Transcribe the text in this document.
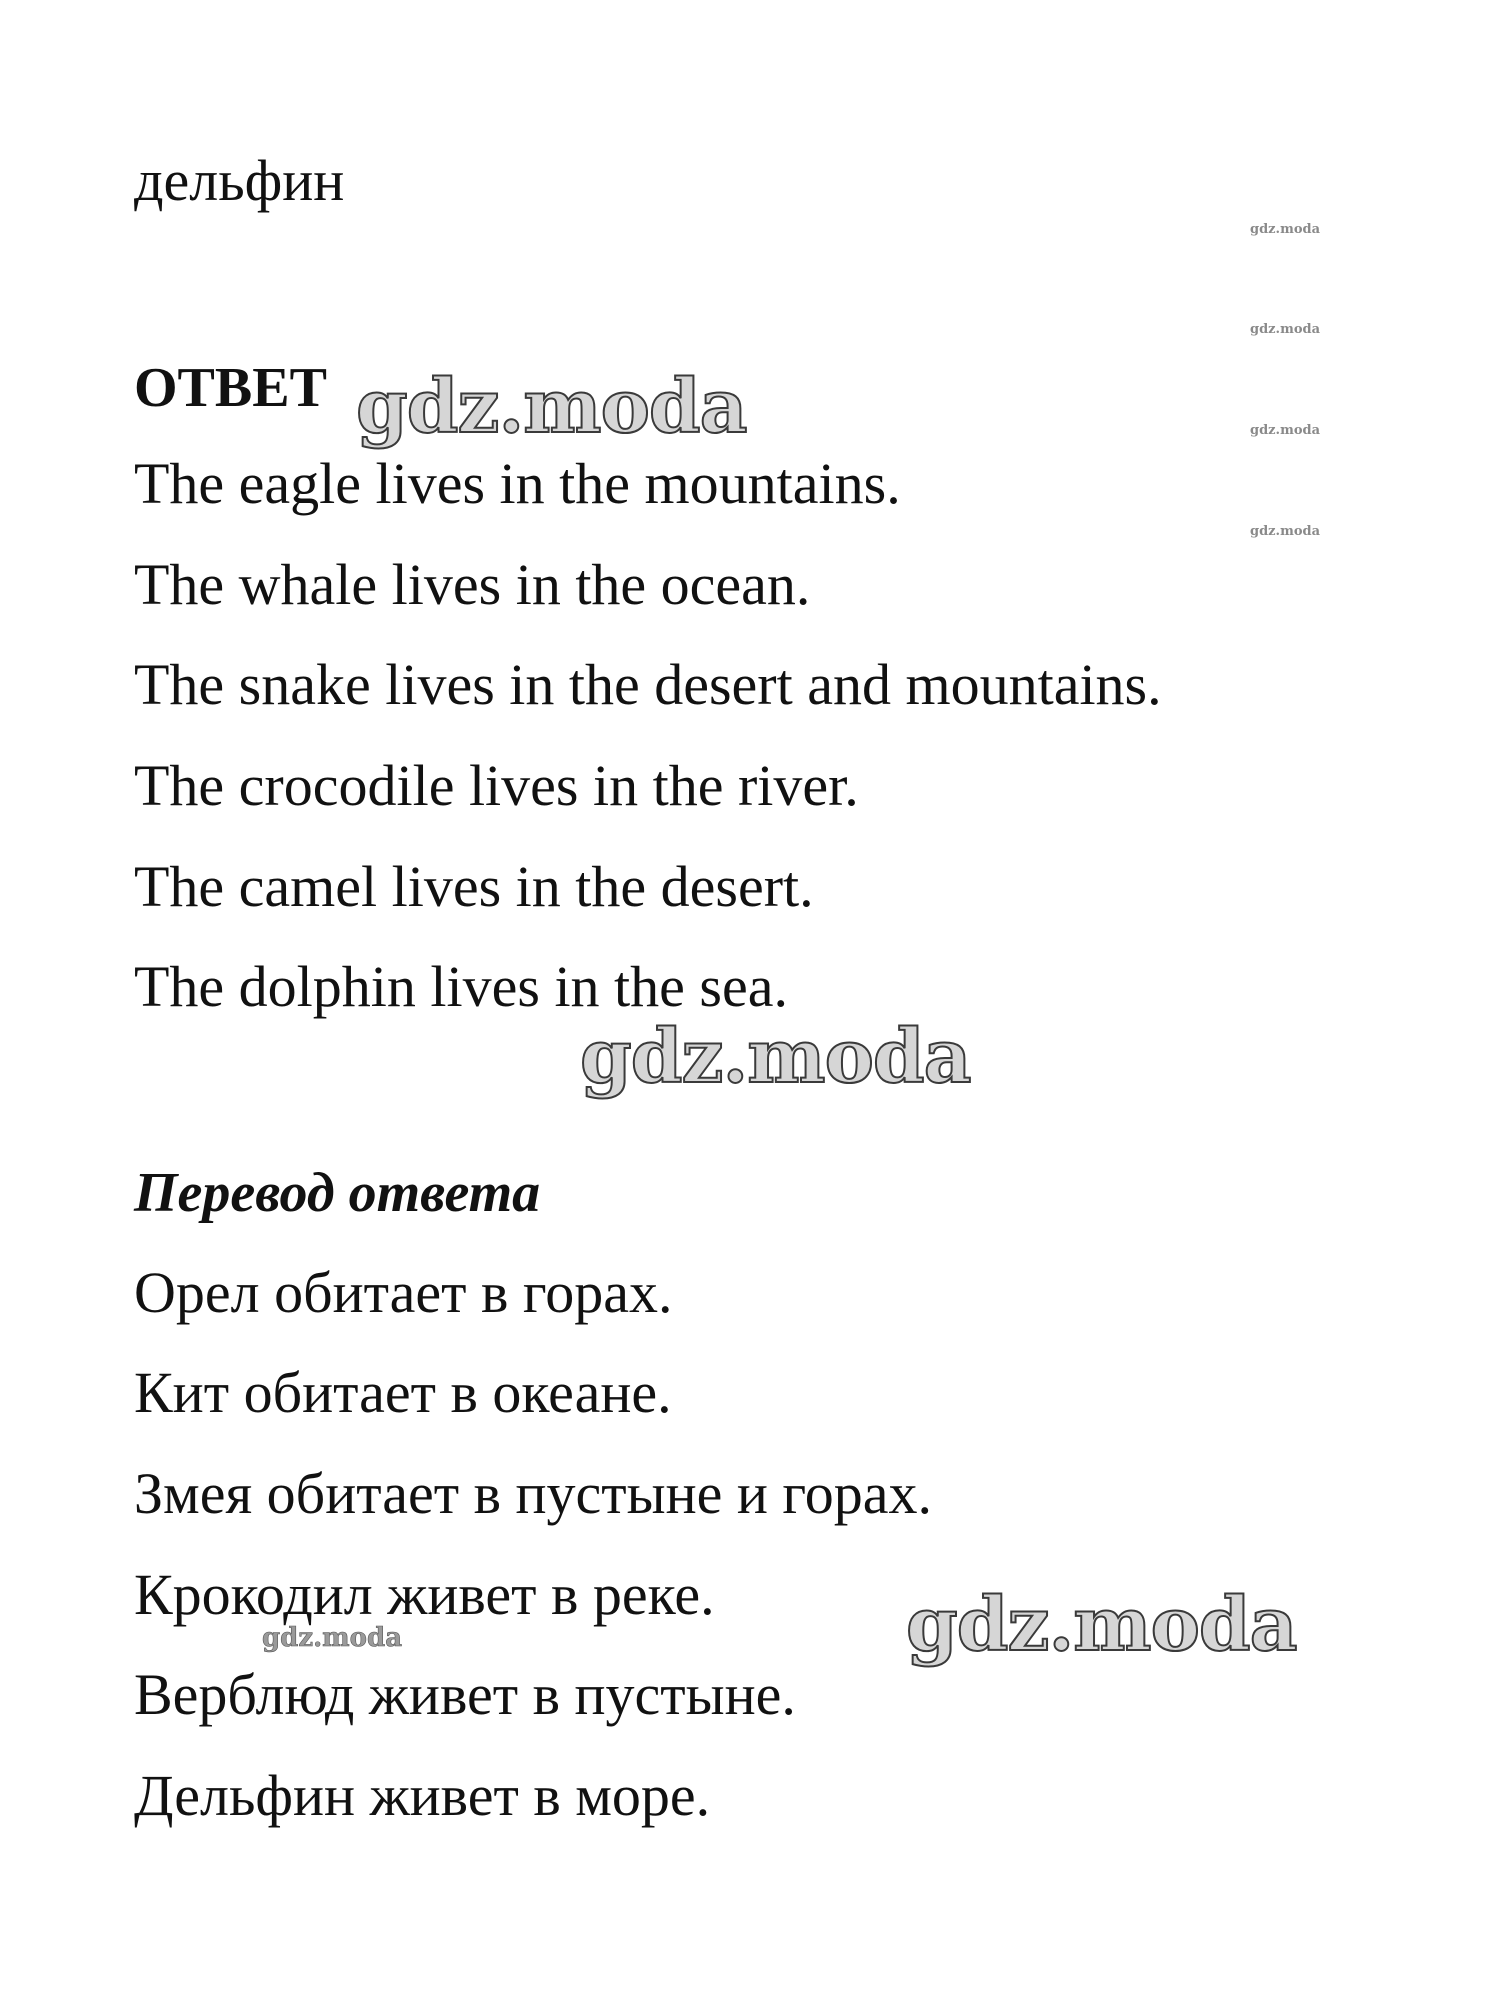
дельфин
ОТВЕТ
The eagle lives in the mountains.
The whale lives in the ocean.
The snake lives in the desert and mountains.
The crocodile lives in the river.
The camel lives in the desert.
The dolphin lives in the sea.
Перевод ответа
Орел обитает в горах.
Кит обитает в океане.
Змея обитает в пустыне и горах.
Крокодил живет в реке.
Верблюд живет в пустыне.
Дельфин живет в море.
gdz.moda
gdz.moda
gdz.moda
gdz.moda
gdz.moda
gdz.moda
gdz.moda
gdz.moda
